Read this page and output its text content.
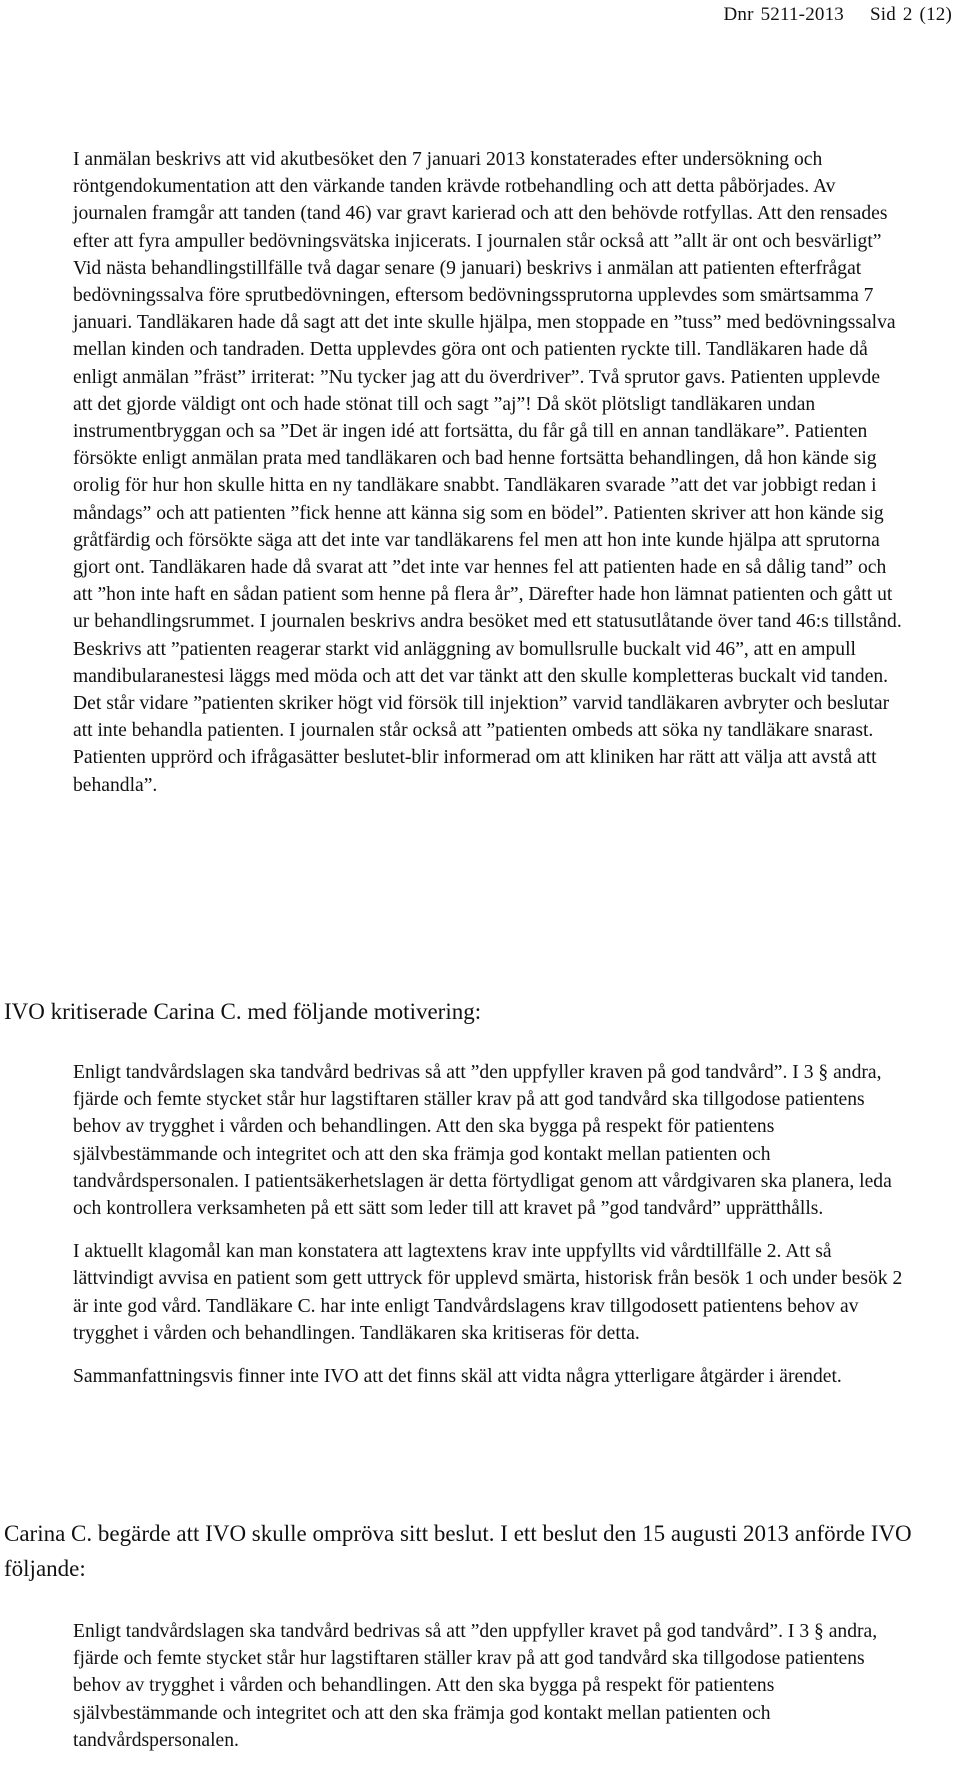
Dnr 5211-2013 Sid 2 (12)

I anmälan beskrivs att vid akutbesöket den 7 januari 2013 konstaterades efter undersökning och röntgendokumentation att den värkande tanden krävde rotbehandling och att detta påbörjades. Av journalen framgår att tanden (tand 46) var gravt karierad och att den behövde rotfyllas. Att den rensades efter att fyra ampuller bedövningsvätska injicerats. I journalen står också att ”allt är ont och besvärligt” Vid nästa behandlingstillfälle två dagar senare (9 januari) beskrivs i anmälan att patienten efterfrågat bedövningssalva före sprutbedövningen, eftersom bedövningssprutorna upplevdes som smärtsamma 7 januari. Tandläkaren hade då sagt att det inte skulle hjälpa, men stoppade en ”tuss” med bedövningssalva mellan kinden och tandraden. Detta upplevdes göra ont och patienten ryckte till. Tandläkaren hade då enligt anmälan ”fräst” irriterat: ”Nu tycker jag att du överdriver”. Två sprutor gavs. Patienten upplevde att det gjorde väldigt ont och hade stönat till och sagt ”aj”! Då sköt plötsligt tandläkaren undan instrumentbryggan och sa ”Det är ingen idé att fortsätta, du får gå till en annan tandläkare”. Patienten försökte enligt anmälan prata med tandläkaren och bad henne fortsätta behandlingen, då hon kände sig orolig för hur hon skulle hitta en ny tandläkare snabbt. Tandläkaren svarade ”att det var jobbigt redan i måndags” och att patienten ”fick henne att känna sig som en bödel”. Patienten skriver att hon kände sig gråtfärdig och försökte säga att det inte var tandläkarens fel men att hon inte kunde hjälpa att sprutorna gjort ont. Tandläkaren hade då svarat att ”det inte var hennes fel att patienten hade en så dålig tand” och att ”hon inte haft en sådan patient som henne på flera år”, Därefter hade hon lämnat patienten och gått ut ur behandlingsrummet. I journalen beskrivs andra besöket med ett statusutlåtande över tand 46:s tillstånd. Beskrivs att ”patienten reagerar starkt vid anläggning av bomullsrulle buckalt vid 46”, att en ampull mandibularanestesi läggs med möda och att det var tänkt att den skulle kompletteras buckalt vid tanden. Det står vidare ”patienten skriker högt vid försök till injektion” varvid tandläkaren avbryter och beslutar att inte behandla patienten. I journalen står också att ”patienten ombeds att söka ny tandläkare snarast. Patienten upprörd och ifrågasätter beslutet-blir informerad om att kliniken har rätt att välja att avstå att behandla”.

IVO kritiserade Carina C. med följande motivering:

Enligt tandvårdslagen ska tandvård bedrivas så att ”den uppfyller kraven på god tandvård”. I 3 § andra, fjärde och femte stycket står hur lagstiftaren ställer krav på att god tandvård ska tillgodose patientens behov av trygghet i vården och behandlingen. Att den ska bygga på respekt för patientens självbestämmande och integritet och att den ska främja god kontakt mellan patienten och tandvårdspersonalen. I patientsäkerhetslagen är detta förtydligat genom att vårdgivaren ska planera, leda och kontrollera verksamheten på ett sätt som leder till att kravet på ”god tandvård” upprätthålls.

I aktuellt klagomål kan man konstatera att lagtextens krav inte uppfyllts vid vårdtillfälle 2. Att så lättvindigt avvisa en patient som gett uttryck för upplevd smärta, historisk från besök 1 och under besök 2 är inte god vård. Tandläkare C. har inte enligt Tandvårdslagens krav tillgodosett patientens behov av trygghet i vården och behandlingen. Tandläkaren ska kritiseras för detta.

Sammanfattningsvis finner inte IVO att det finns skäl att vidta några ytterligare åtgärder i ärendet.

Carina C. begärde att IVO skulle ompröva sitt beslut. I ett beslut den 15 augusti 2013 anförde IVO följande:

Enligt tandvårdslagen ska tandvård bedrivas så att ”den uppfyller kravet på god tandvård”. I 3 § andra, fjärde och femte stycket står hur lagstiftaren ställer krav på att god tandvård ska tillgodose patientens behov av trygghet i vården och behandlingen. Att den ska bygga på respekt för patientens självbestämmande och integritet och att den ska främja god kontakt mellan patienten och tandvårdspersonalen.
